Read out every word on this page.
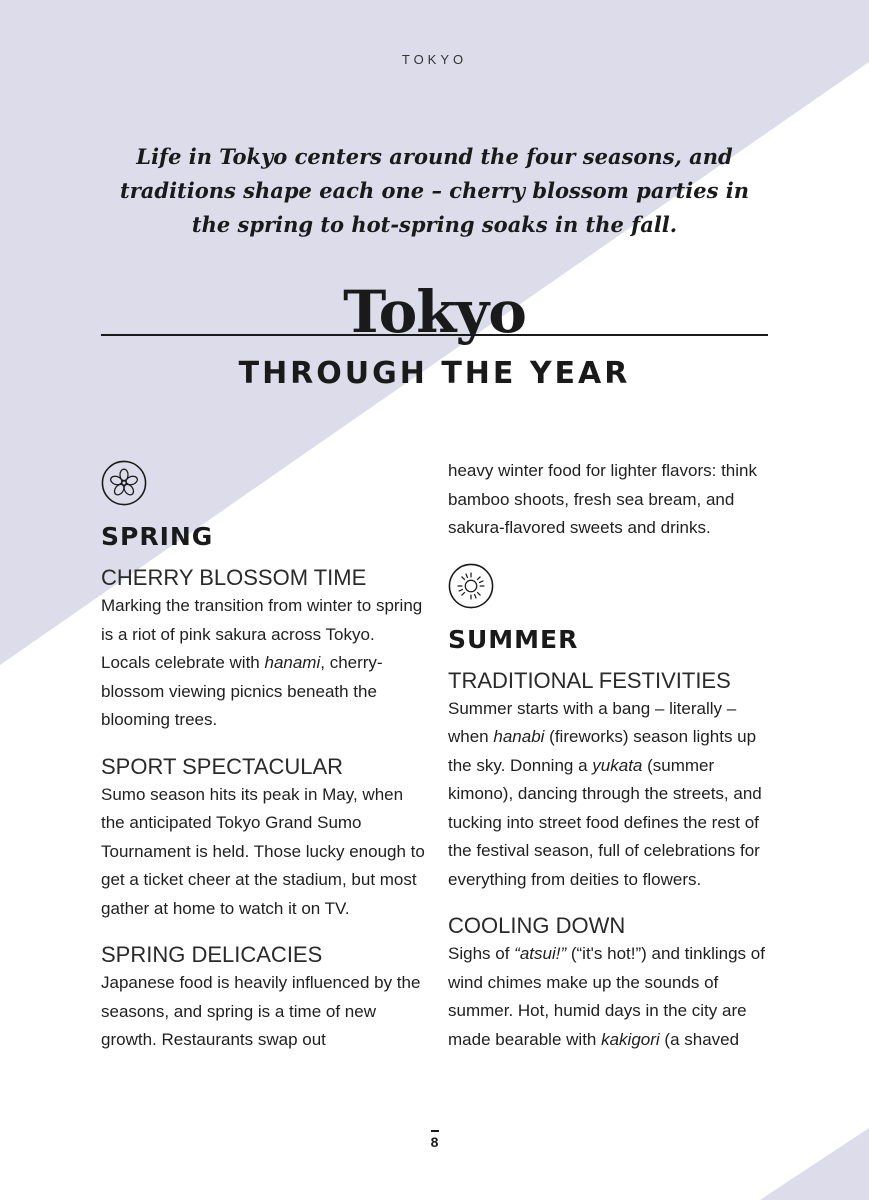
TOKYO
Life in Tokyo centers around the four seasons, and traditions shape each one – cherry blossom parties in the spring to hot-spring soaks in the fall.
Tokyo
THROUGH THE YEAR
SPRING
CHERRY BLOSSOM TIME

Marking the transition from winter to spring is a riot of pink sakura across Tokyo. Locals celebrate with hanami, cherry-blossom viewing picnics beneath the blooming trees.

SPORT SPECTACULAR

Sumo season hits its peak in May, when the anticipated Tokyo Grand Sumo Tournament is held. Those lucky enough to get a ticket cheer at the stadium, but most gather at home to watch it on TV.

SPRING DELICACIES

Japanese food is heavily influenced by the seasons, and spring is a time of new growth. Restaurants swap out

heavy winter food for lighter flavors: think bamboo shoots, fresh sea bream, and sakura-flavored sweets and drinks.

SUMMER
TRADITIONAL FESTIVITIES

Summer starts with a bang – literally – when hanabi (fireworks) season lights up the sky. Donning a yukata (summer kimono), dancing through the streets, and tucking into street food defines the rest of the festival season, full of celebrations for everything from deities to flowers.

COOLING DOWN

Sighs of “atsui!” (“it's hot!”) and tinklings of wind chimes make up the sounds of summer. Hot, humid days in the city are made bearable with kakigori (a shaved

8
